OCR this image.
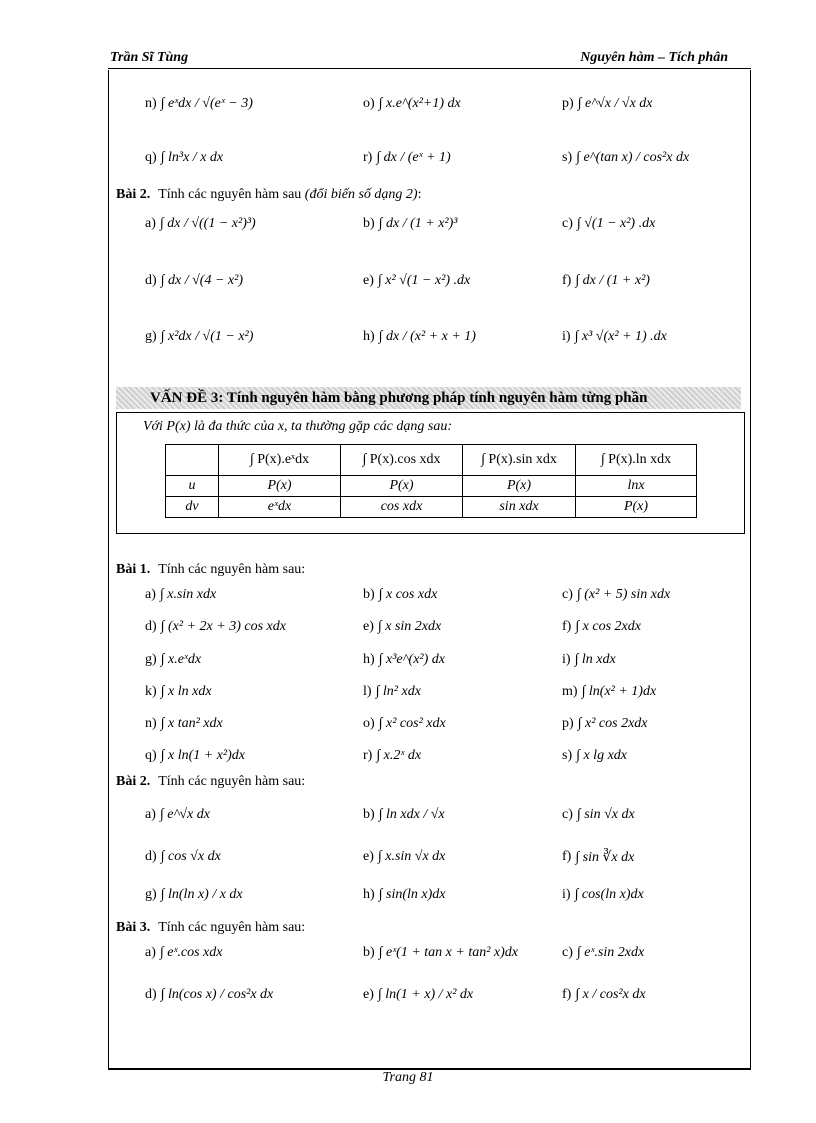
Trần Sĩ Tùng	Nguyên hàm – Tích phân
n) ∫ eˣdx / √(eˣ − 3)	o) ∫ x.e^(x²+1) dx	p) ∫ e^√x / √x dx
q) ∫ ln³x / x dx	r) ∫ dx / (eˣ + 1)	s) ∫ e^(tan x) / cos²x dx
Bài 2. Tính các nguyên hàm sau (đổi biến số dạng 2):
a) ∫ dx / √((1 − x²)³)	b) ∫ dx / (1 + x²)³	c) ∫ √(1 − x²) .dx
d) ∫ dx / √(4 − x²)	e) ∫ x² √(1 − x²) .dx	f) ∫ dx / (1 + x²)
g) ∫ x²dx / √(1 − x²)	h) ∫ dx / (x² + x + 1)	i) ∫ x³ √(x² + 1) .dx
VẤN ĐỀ 3: Tính nguyên hàm bằng phương pháp tính nguyên hàm từng phần
Với P(x) là đa thức của x, ta thường gặp các dạng sau:
	∫ P(x).eˣdx	∫ P(x).cos xdx	∫ P(x).sin xdx	∫ P(x).ln xdx
u	P(x)	P(x)	P(x)	lnx
dv	eˣdx	cos xdx	sin xdx	P(x)
Bài 1. Tính các nguyên hàm sau:
a) ∫ x.sin xdx	b) ∫ x cos xdx	c) ∫ (x² + 5) sin xdx
d) ∫ (x² + 2x + 3) cos xdx	e) ∫ x sin 2xdx	f) ∫ x cos 2xdx
g) ∫ x.eˣdx	h) ∫ x³e^(x²) dx	i) ∫ ln xdx
k) ∫ x ln xdx	l) ∫ ln² xdx	m) ∫ ln(x² + 1)dx
n) ∫ x tan² xdx	o) ∫ x² cos² xdx	p) ∫ x² cos 2xdx
q) ∫ x ln(1 + x²)dx	r) ∫ x.2ˣ dx	s) ∫ x lg xdx
Bài 2. Tính các nguyên hàm sau:
a) ∫ e^√x dx	b) ∫ ln xdx / √x	c) ∫ sin √x dx
d) ∫ cos √x dx	e) ∫ x.sin √x dx	f) ∫ sin ∛x dx
g) ∫ ln(ln x) / x dx	h) ∫ sin(ln x)dx	i) ∫ cos(ln x)dx
Bài 3. Tính các nguyên hàm sau:
a) ∫ eˣ.cos xdx	b) ∫ eˣ(1 + tan x + tan² x)dx	c) ∫ eˣ.sin 2xdx
d) ∫ ln(cos x) / cos²x dx	e) ∫ ln(1 + x) / x² dx	f) ∫ x / cos²x dx
Trang 81
